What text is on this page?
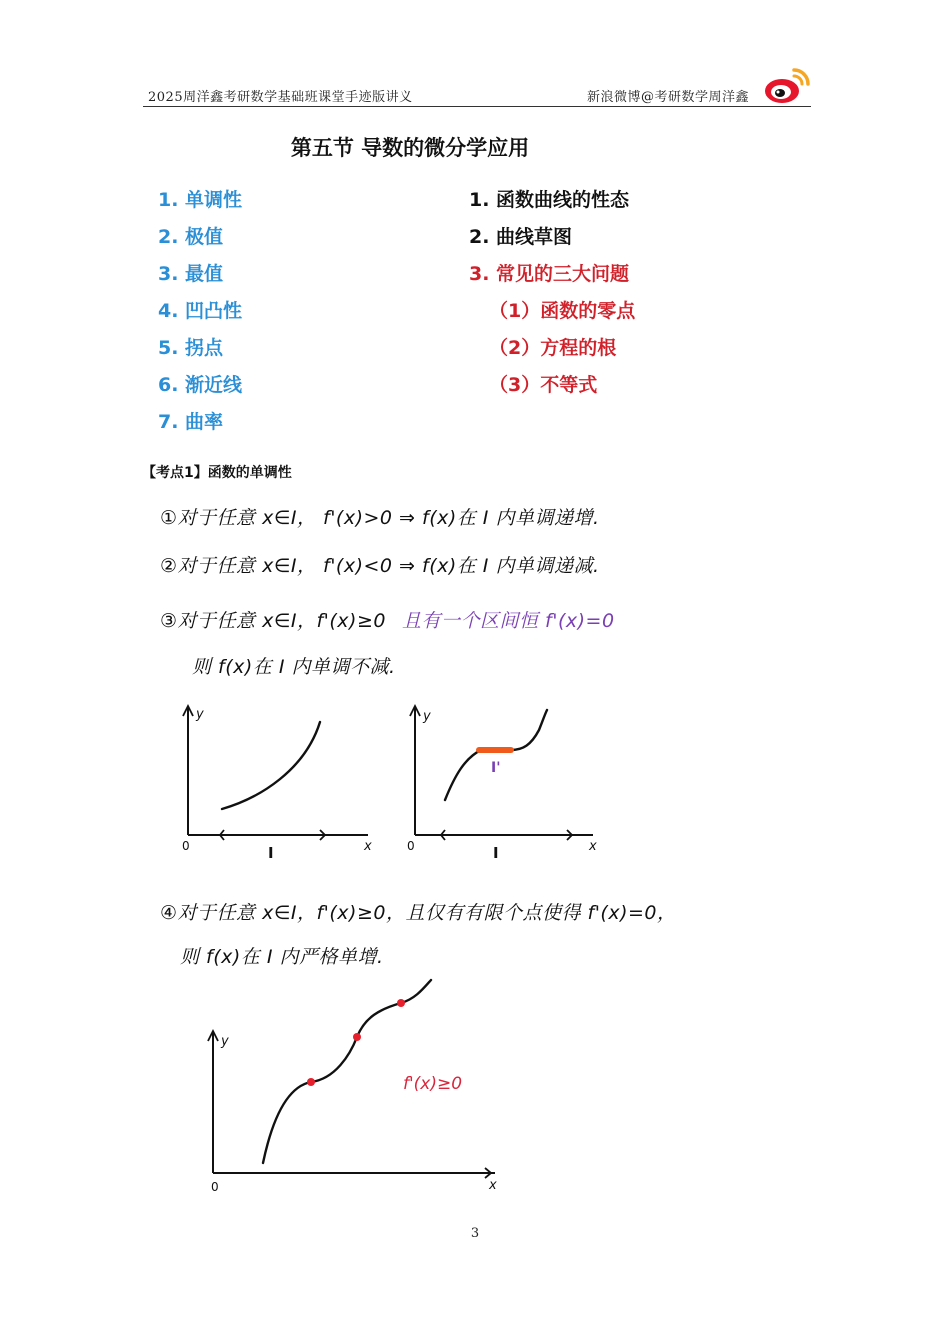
2025周洋鑫考研数学基础班课堂手迹版讲义	新浪微博@考研数学周洋鑫
第五节 导数的微分学应用
1. 单调性
2. 极值
3. 最值
4. 凹凸性
5. 拐点
6. 渐近线
7. 曲率
1. 函数曲线的性态
2. 曲线草图
3. 常见的三大问题
（1）函数的零点
（2）方程的根
（3）不等式
【考点1】函数的单调性
①对于任意 x∈I， f'(x)>0 ⇒ f(x)在 I 内单调递增.
②对于任意 x∈I， f'(x)<0 ⇒ f(x)在 I 内单调递减.
③对于任意 x∈I，f'(x)≥0 且有一个区间恒 f'(x)=0
则 f(x)在 I 内单调不减.
y
x
0	I
I'
y
x
0	I
④对于任意 x∈I，f'(x)≥0，且仅有有限个点使得 f'(x)=0，
则 f(x)在 I 内严格单增.
f'(x)≥0
y
x
0
3
